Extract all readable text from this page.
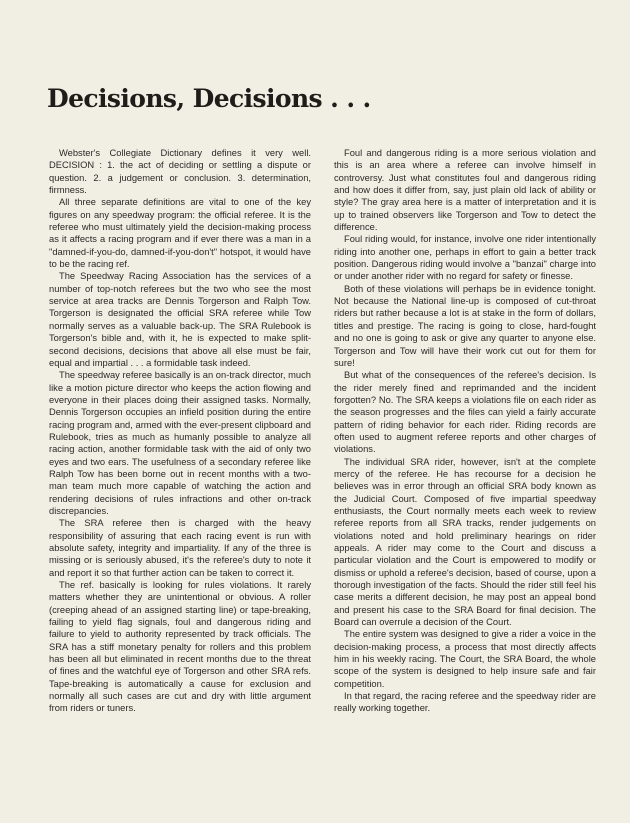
Decisions, Decisions . . .

Webster's Collegiate Dictionary defines it very well. DECISION : 1. the act of deciding or settling a dispute or question. 2. a judgement or conclusion. 3. determination, firmness.

All three separate definitions are vital to one of the key figures on any speedway program: the official referee. It is the referee who must ultimately yield the decision-making process as it affects a racing program and if ever there was a man in a "damned-if-you-do, damned-if-you-don't" hotspot, it would have to be the racing ref.

The Speedway Racing Association has the services of a number of top-notch referees but the two who see the most service at area tracks are Dennis Torgerson and Ralph Tow. Torgerson is designated the official SRA referee while Tow normally serves as a valuable back-up. The SRA Rulebook is Torgerson's bible and, with it, he is expected to make split-second decisions, decisions that above all else must be fair, equal and impartial . . . a formidable task indeed.

The speedway referee basically is an on-track director, much like a motion picture director who keeps the action flowing and everyone in their places doing their assigned tasks. Normally, Dennis Torgerson occupies an infield position during the entire racing program and, armed with the ever-present clipboard and Rulebook, tries as much as humanly possible to analyze all racing action, another formidable task with the aid of only two eyes and two ears. The usefulness of a secondary referee like Ralph Tow has been borne out in recent months with a two-man team much more capable of watching the action and rendering decisions of rules infractions and other on-track discrepancies.

The SRA referee then is charged with the heavy responsibility of assuring that each racing event is run with absolute safety, integrity and impartiality. If any of the three is missing or is seriously abused, it's the referee's duty to note it and report it so that further action can be taken to correct it.

The ref. basically is looking for rules violations. It rarely matters whether they are unintentional or obvious. A roller (creeping ahead of an assigned starting line) or tape-breaking, failing to yield flag signals, foul and dangerous riding and failure to yield to authority represented by track officials. The SRA has a stiff monetary penalty for rollers and this problem has been all but eliminated in recent months due to the threat of fines and the watchful eye of Torgerson and other SRA refs. Tape-breaking is automatically a cause for exclusion and normally all such cases are cut and dry with little argument from riders or tuners.

Foul and dangerous riding is a more serious violation and this is an area where a referee can involve himself in controversy. Just what constitutes foul and dangerous riding and how does it differ from, say, just plain old lack of ability or style? The gray area here is a matter of interpretation and it is up to trained observers like Torgerson and Tow to detect the difference.

Foul riding would, for instance, involve one rider intentionally riding into another one, perhaps in effort to gain a better track position. Dangerous riding would involve a "banzai" charge into or under another rider with no regard for safety or finesse.

Both of these violations will perhaps be in evidence tonight. Not because the National line-up is composed of cut-throat riders but rather because a lot is at stake in the form of dollars, titles and prestige. The racing is going to close, hard-fought and no one is going to ask or give any quarter to anyone else. Torgerson and Tow will have their work cut out for them for sure!

But what of the consequences of the referee's decision. Is the rider merely fined and reprimanded and the incident forgotten? No. The SRA keeps a violations file on each rider as the season progresses and the files can yield a fairly accurate pattern of riding behavior for each rider. Riding records are often used to augment referee reports and other charges of violations.

The individual SRA rider, however, isn't at the complete mercy of the referee. He has recourse for a decision he believes was in error through an official SRA body known as the Judicial Court. Composed of five impartial speedway enthusiasts, the Court normally meets each week to review referee reports from all SRA tracks, render judgements on violations noted and hold preliminary hearings on rider appeals. A rider may come to the Court and discuss a particular violation and the Court is empowered to modify or dismiss or uphold a referee's decision, based of course, upon a thorough investigation of the facts. Should the rider still feel his case merits a different decision, he may post an appeal bond and present his case to the SRA Board for final decision. The Board can overrule a decision of the Court.

The entire system was designed to give a rider a voice in the decision-making process, a process that most directly affects him in his weekly racing. The Court, the SRA Board, the whole scope of the system is designed to help insure safe and fair competition.

In that regard, the racing referee and the speedway rider are really working together.
